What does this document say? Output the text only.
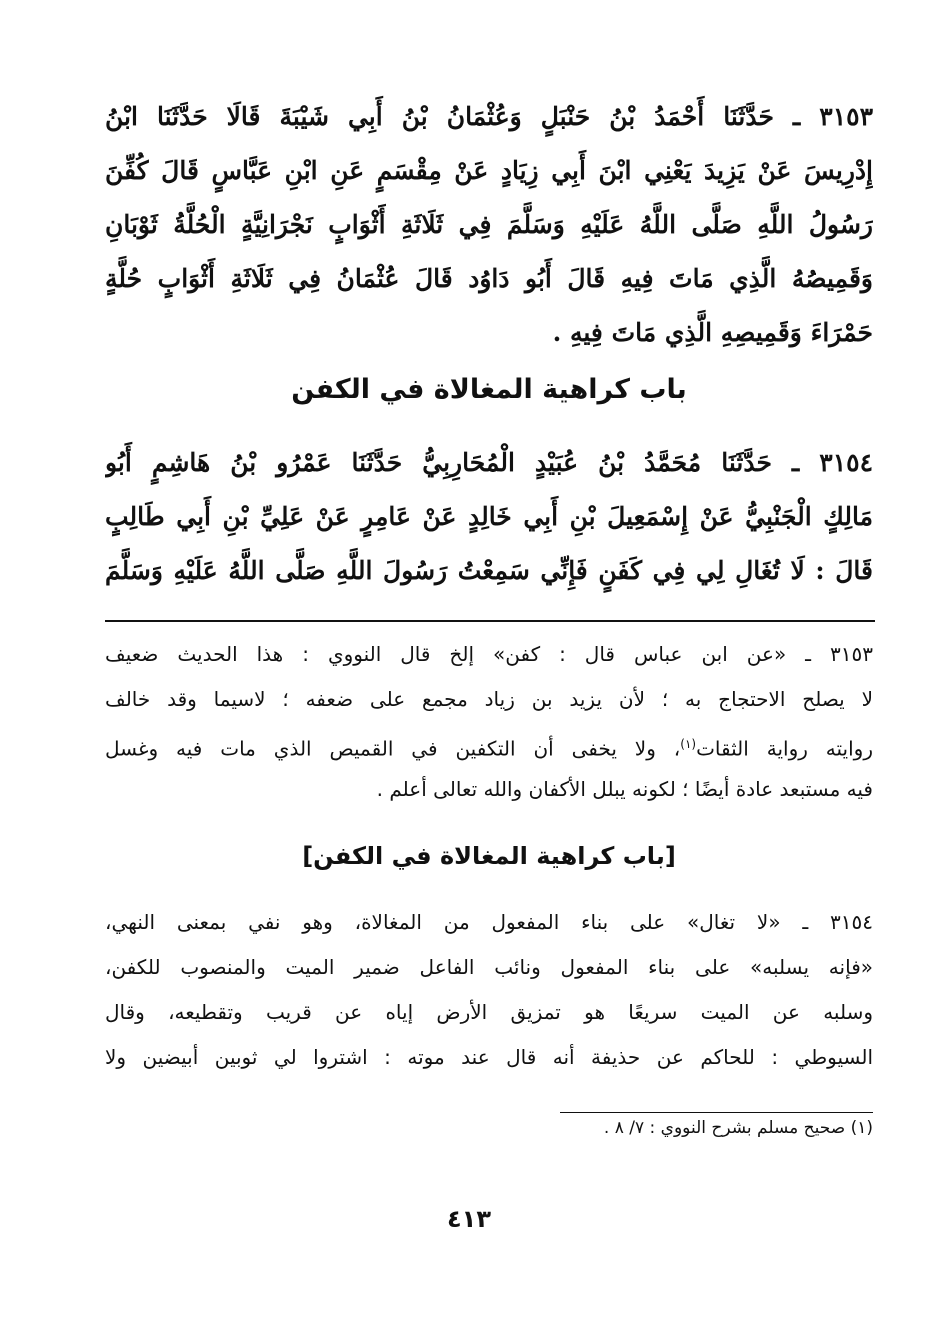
٣١٥٣ ـ حَدَّثَنَا أَحْمَدُ بْنُ حَنْبَلٍ وَعُثْمَانُ بْنُ أَبِي شَيْبَةَ قَالَا حَدَّثَنَا ابْنُ
إِدْرِيسَ عَنْ يَزِيدَ يَعْنِي ابْنَ أَبِي زِيَادٍ عَنْ مِقْسَمٍ عَنِ ابْنِ عَبَّاسٍ قَالَ كُفِّنَ
رَسُولُ اللَّهِ صَلَّى اللَّهُ عَلَيْهِ وَسَلَّمَ فِي ثَلَاثَةِ أَثْوَابٍ نَجْرَانِيَّةٍ الْحُلَّةُ ثَوْبَانِ
وَقَمِيصُهُ الَّذِي مَاتَ فِيهِ قَالَ أَبُو دَاوُد قَالَ عُثْمَانُ فِي ثَلَاثَةِ أَثْوَابٍ حُلَّةٍ
حَمْرَاءَ وَقَمِيصِهِ الَّذِي مَاتَ فِيهِ .
باب كراهية المغالاة في الكفن
٣١٥٤ ـ حَدَّثَنَا مُحَمَّدُ بْنُ عُبَيْدٍ الْمُحَارِبِيُّ حَدَّثَنَا عَمْرُو بْنُ هَاشِمٍ أَبُو
مَالِكٍ الْجَنْبِيُّ عَنْ إِسْمَعِيلَ بْنِ أَبِي خَالِدٍ عَنْ عَامِرٍ عَنْ عَلِيِّ بْنِ أَبِي طَالِبٍ
قَالَ : لَا تُغَالِ لِي فِي كَفَنٍ فَإِنِّي سَمِعْتُ رَسُولَ اللَّهِ صَلَّى اللَّهُ عَلَيْهِ وَسَلَّمَ
٣١٥٣ ـ «عن ابن عباس قال : كفن» إلخ قال النووي : هذا الحديث ضعيف
لا يصلح الاحتجاج به ؛ لأن يزيد بن زياد مجمع على ضعفه ؛ لاسيما وقد خالف
روايته رواية الثقات$^{(١)}$، ولا يخفى أن التكفين في القميص الذي مات فيه وغسل
فيه مستبعد عادة أيضًا ؛ لكونه يبلل الأكفان والله تعالى أعلم .
[باب كراهية المغالاة في الكفن]
٣١٥٤ ـ «لا تغال» على بناء المفعول من المغالاة، وهو نفي بمعنى النهي،
«فإنه يسلبه» على بناء المفعول ونائب الفاعل ضمير الميت والمنصوب للكفن،
وسلبه عن الميت سريعًا هو تمزيق الأرض إياه عن قريب وتقطيعه، وقال
السيوطي : للحاكم عن حذيفة أنه قال عند موته : اشتروا لي ثوبين أبيضين ولا
(١) صحيح مسلم بشرح النووي : ٧/ ٨ .
٤١٣
